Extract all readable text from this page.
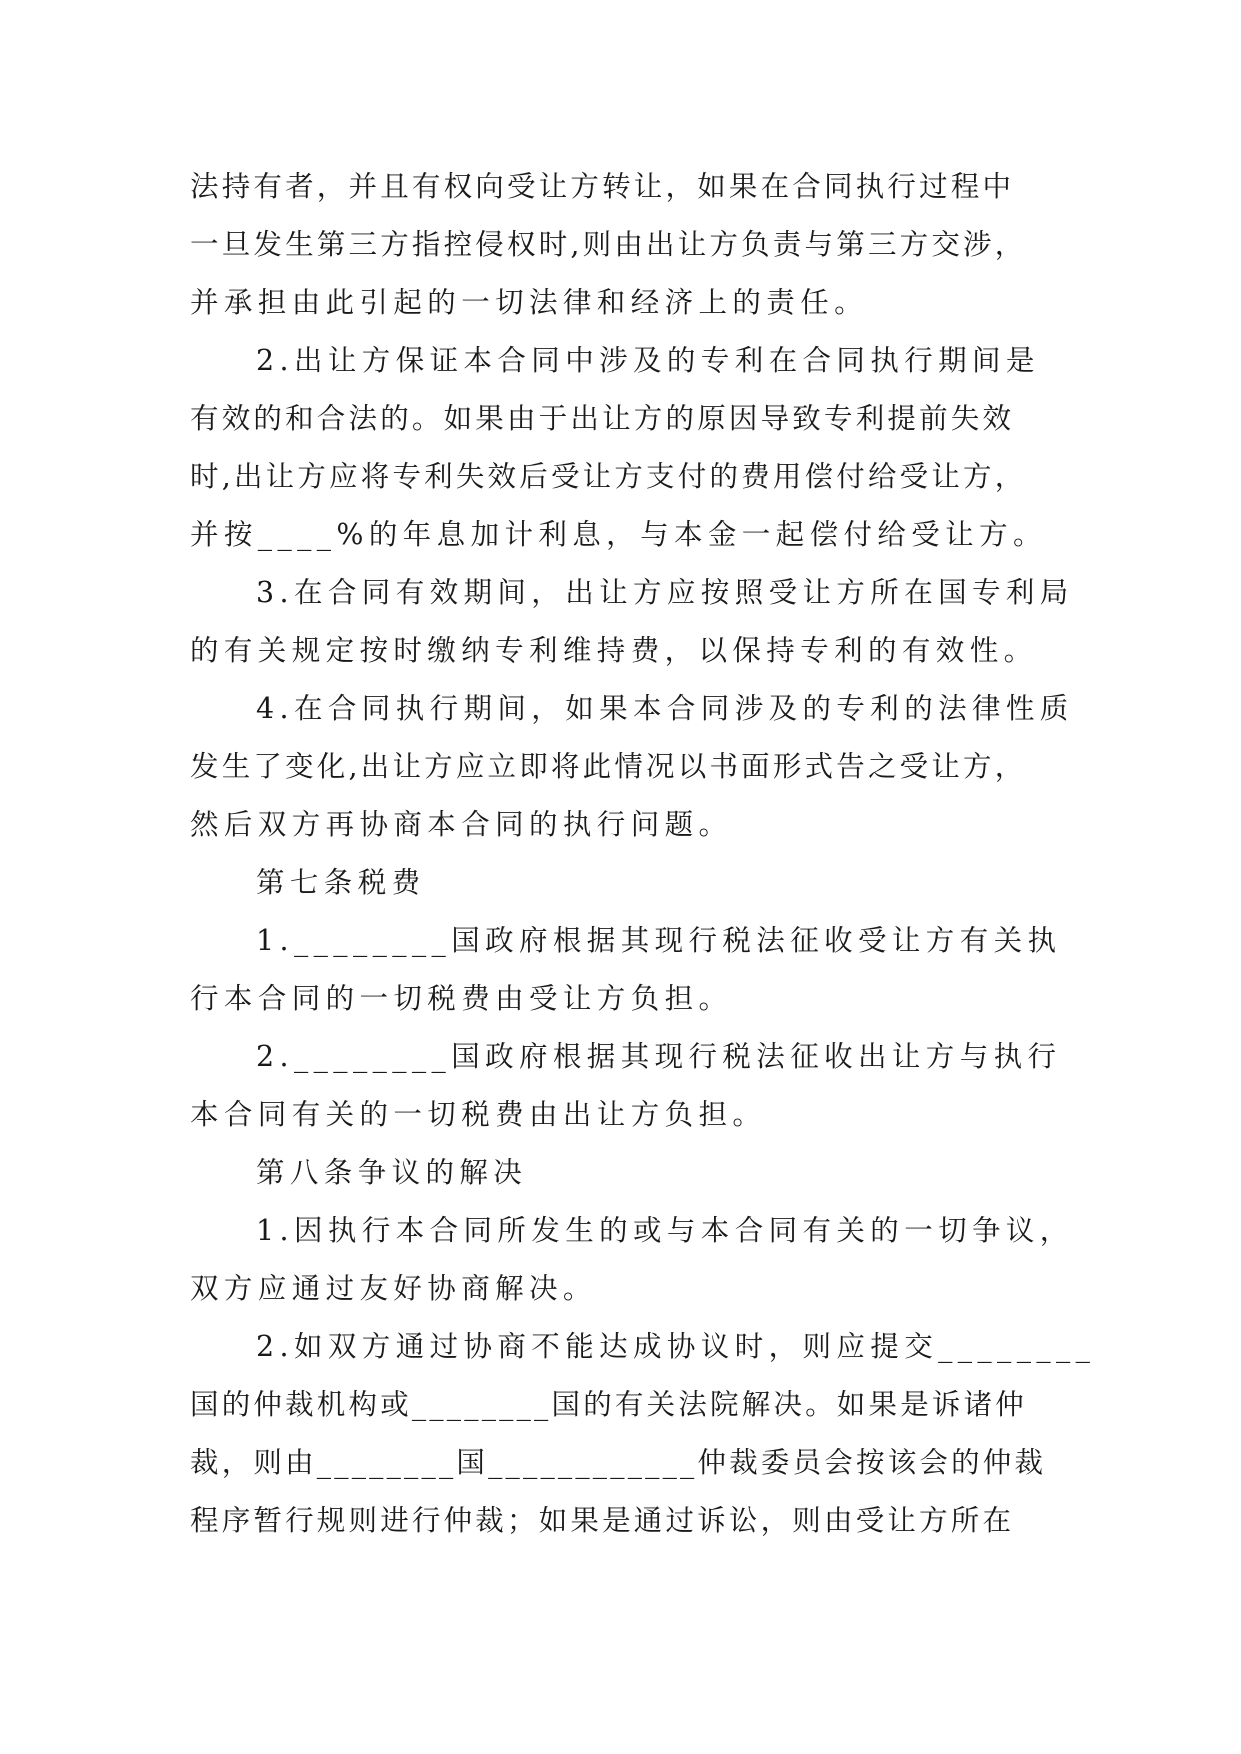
法持有者，并且有权向受让方转让，如果在合同执行过程中
一旦发生第三方指控侵权时,则由出让方负责与第三方交涉，
并承担由此引起的一切法律和经济上的责任。
2.出让方保证本合同中涉及的专利在合同执行期间是
有效的和合法的。如果由于出让方的原因导致专利提前失效
时,出让方应将专利失效后受让方支付的费用偿付给受让方，
并按____%的年息加计利息，与本金一起偿付给受让方。
3.在合同有效期间，出让方应按照受让方所在国专利局
的有关规定按时缴纳专利维持费，以保持专利的有效性。
4.在合同执行期间，如果本合同涉及的专利的法律性质
发生了变化,出让方应立即将此情况以书面形式告之受让方，
然后双方再协商本合同的执行问题。
第七条税费
1.________国政府根据其现行税法征收受让方有关执
行本合同的一切税费由受让方负担。
2.________国政府根据其现行税法征收出让方与执行
本合同有关的一切税费由出让方负担。
第八条争议的解决
1.因执行本合同所发生的或与本合同有关的一切争议，
双方应通过友好协商解决。
2.如双方通过协商不能达成协议时，则应提交________
国的仲裁机构或________国的有关法院解决。如果是诉诸仲
裁，则由________国____________仲裁委员会按该会的仲裁
程序暂行规则进行仲裁；如果是通过诉讼，则由受让方所在
